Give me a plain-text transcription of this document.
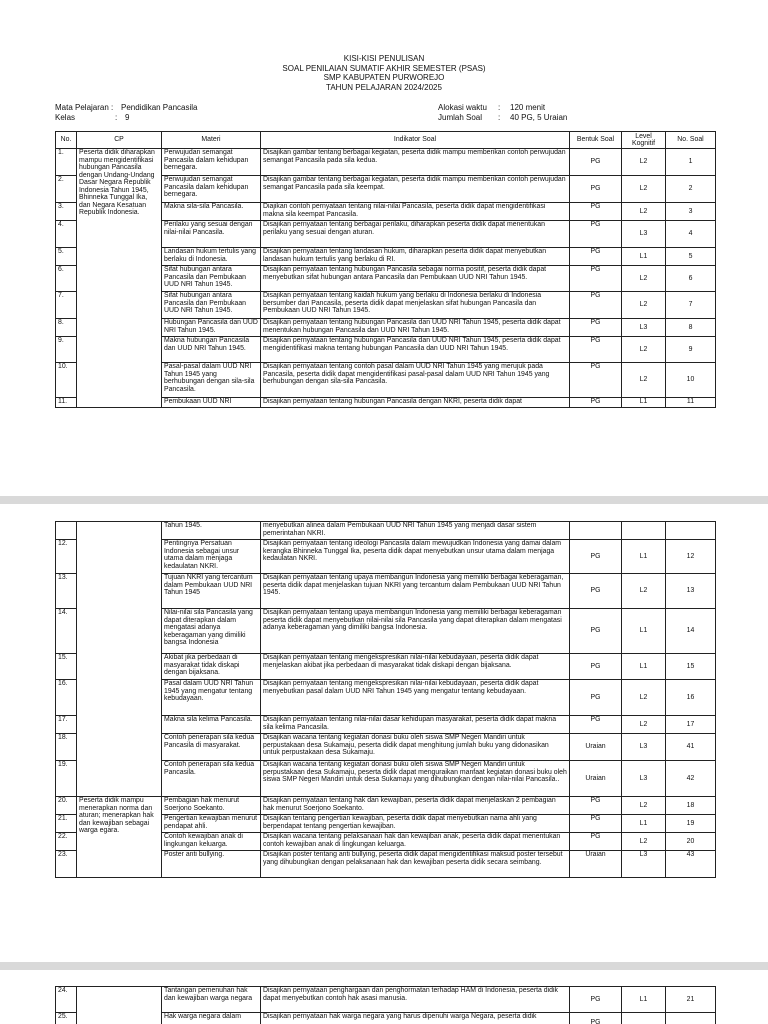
KISI-KISI PENULISAN
SOAL PENILAIAN SUMATIF AKHIR SEMESTER (PSAS)
SMP KABUPATEN PURWOREJO
TAHUN PELAJARAN 2024/2025
Mata Pelajaran : Pendidikan Pancasila
Kelas	: 9
Alokasi waktu	:	120 menit
Jumlah Soal	:	40 PG, 5 Uraian
No.	CP	Materi	Indikator Soal	Bentuk Soal	Level Kognitif	No. Soal
1.	Peserta didik diharapkan mampu mengidentifikasi hubungan Pancasila dengan Undang-Undang Dasar Negara Republik Indonesia Tahun 1945, Bhinneka Tunggal Ika, dan Negara Kesatuan Republik Indonesia.	Perwujudan semangat Pancasila dalam kehidupan bernegara.	Disajikan gambar tentang berbagai kegiatan, peserta didik mampu memberikan contoh perwujudan semangat Pancasila pada sila kedua.	PG	L2	1
2.		Perwujudan semangat Pancasila dalam kehidupan bernegara.	Disajikan gambar tentang berbagai kegiatan, peserta didik mampu memberikan contoh perwujudan semangat Pancasila pada sila keempat.	PG	L2	2
3.		Makna sila-sila Pancasila.	Diajikan contoh pernyataan tentang nilai-nilai Pancasila, peserta didik dapat mengidentifikasi makna sila keempat Pancasila.	PG	L2	3
4.		Perilaku yang sesuai dengan nilai-nilai Pancasila.	Disajikan pernyataan tentang berbagai perilaku, diharapkan peserta didik dapat menentukan perilaku yang sesuai dengan aturan.	PG	L3	4
5.		Landasan hukum tertulis yang berlaku di Indonesia.	Disajikan pernyataan tentang landasan hukum, diharapkan peserta didik dapat menyebutkan landasan hukum tertulis yang berlaku di RI.	PG	L1	5
6.		Sifat hubungan antara Pancasila dan Pembukaan UUD NRI Tahun 1945.	Disajikan pernyataan tentang hubungan Pancasila sebagai norma positif, peserta didik dapat menyebutkan sifat hubungan antara Pancasila dan Pembukaan UUD NRI Tahun 1945.	PG	L2	6
7.		Sifat hubungan antara Pancasila dan Pembukaan UUD NRI Tahun 1945.	Disajikan pernyataan tentang kaidah hukum yang berlaku di Indonesia berlaku di Indonesia bersumber dari Pancasila, peserta didik dapat menjelaskan sifat hubungan Pancasila dan Pembukaan UUD NRI Tahun 1945.	PG	L2	7
8.		Hubungan Pancasila dan UUD NRI Tahun 1945.	Disajikan pernyataan tentang hubungan Pancasila dan UUD NRI Tahun 1945, peserta didik dapat menentukan hubungan Pancasila dan UUD NRI Tahun 1945.	PG	L3	8
9.		Makna hubungan Pancasila dan UUD NRI Tahun 1945.	Disajikan pernyataan tentang hubungan Pancasila dan UUD NRI Tahun 1945, peserta didik dapat mengidentifikasi makna tentang hubungan Pancasila dan UUD NRI Tahun 1945.	PG	L2	9
10.		Pasal-pasal dalam UUD NRI Tahun 1945 yang berhubungan dengan sila-sila Pancasila.	Disajikan pernyataan tentang contoh pasal dalam UUD NRI Tahun 1945 yang merujuk pada Pancasila, peserta didik dapat mengidentifikasi pasal-pasal dalam UUD NRI Tahun 1945 yang berhubungan dengan sila-sila Pancasila.	PG	L2	10
11.		Pembukaan UUD NRI	Disajikan pernyataan tentang hubungan Pancasila dengan NKRI, peserta didik dapat	PG	L1	11
		Tahun 1945.	menyebutkan alinea dalam Pembukaan UUD NRI Tahun 1945 yang menjadi dasar sistem pemerintahan NKRI.			
12.		Pentingnya Persatuan Indonesia sebagai unsur utama dalam menjaga kedaulatan NKRI.	Disajikan pernyataan tentang ideologi Pancasila dalam mewujudkan Indonesia yang damai dalam kerangka Bhinneka Tunggal Ika, peserta didik dapat menyebutkan unsur utama dalam menjaga kedaulatan NKRI.	PG	L1	12
13.		Tujuan NKRI yang tercantum dalam Pembukaan UUD NRI Tahun 1945	Disajikan pernyataan tentang upaya membangun Indonesia yang memiliki berbagai keberagaman, peserta didik dapat menjelaskan tujuan NKRI yang tercantum dalam Pembukaan UUD NRI Tahun 1945.	PG	L2	13
14.		Nilai-nilai sila Pancasila yang dapat diterapkan dalam mengatasi adanya keberagaman yang dimiliki bangsa Indonesia	Disajikan pernyataan tentang upaya membangun Indonesia yang memiliki berbagai keberagaman peserta didik dapat menyebutkan nilai-nilai sila Pancasila yang dapat diterapkan dalam mengatasi adanya keberagaman yang dimiliki bangsa Indonesia.	PG	L1	14
15.		Akibat jika perbedaan di masyarakat tidak diskapi dengan bijaksana.	Disajikan pernyataan tentang mengekspresikan nilai-nilai kebudayaan, peserta didik dapat menjelaskan akibat jika perbedaan di masyarakat tidak diskapi dengan bijaksana.	PG	L1	15
16.		Pasal dalam UUD NRI Tahun 1945 yang mengatur tentang kebudayaan.	Disajikan pernyataan tentang mengekspresikan nilai-nilai kebudayaan, peserta didik dapat menyebutkan pasal dalam UUD NRI Tahun 1945 yang mengatur tentang kebudayaan.	PG	L2	16
17.		Makna sila kelima Pancasila.	Disajikan pernyataan tentang nilai-nilai dasar kehidupan masyarakat, peserta didik dapat makna sila kelima Pancasila.	PG	L2	17
18.		Contoh penerapan sila kedua Pancasila di masyarakat.	Disajikan wacana tentang kegiatan donasi buku oleh siswa SMP Negeri Mandiri untuk perpustakaan desa Sukamaju, peserta didik dapat menghitung jumlah buku yang didonasikan untuk perpustakaan desa Sukamaju.	Uraian	L3	41
19.		Contoh penerapan sila kedua Pancasila.	Disajikan wacana tentang kegiatan donasi buku oleh siswa SMP Negeri Mandiri untuk perpustakaan desa Sukamaju, peserta didik dapat menguraikan manfaat kegiatan donasi buku oleh siswa SMP Negeri Mandiri untuk desa Sukamaju yang dihubungkan dengan nilai-nilai Pancasila..	Uraian	L3	42
20.	Peserta didik mampu menerapkan norma dan aturan; menerapkan hak dan kewajiban sebagai warga egara.	Pembagian hak menurut Soerjono Soekanto.	Disajikan pernyataan tentang hak dan kewajiban, peserta didik dapat menjelaskan 2 pembagian hak menurut Soerjono Soekanto.	PG	L2	18
21.		Pengertian kewajiban menurut pendapat ahli.	Disajikan tentang pengertian kewajiban, peserta didik dapat menyebutkan nama ahli yang berpendapat tentang pengertian kewajiban.	PG	L1	19
22.		Contoh kewajiban anak di lingkungan keluarga.	Disajikan wacana tentang pelaksanaan hak dan kewajiban anak, peserta didik dapat menentukan contoh kewajiban anak di lingkungan keluarga.	PG	L2	20
23.		Poster anti bullying.	Disajikan poster tentang anti bullying, peserta didik dapat mengidentifikasi maksud poster tersebut yang dihubungkan dengan pelaksanaan hak dan kewajiban peserta didik secara seimbang.	Uraian	L3	43
24.		Tantangan pemenuhan hak dan kewajiban warga negara	Disajikan pernyataan penghargaan dan penghormatan terhadap HAM di Indonesia, peserta didik dapat menyebutkan contoh hak asasi manusia.	PG	L1	21
25.		Hak warga negara dalam	Disajikan pernyataan hak warga negara yang harus dipenuhi warga Negara, peserta didik	PG		
